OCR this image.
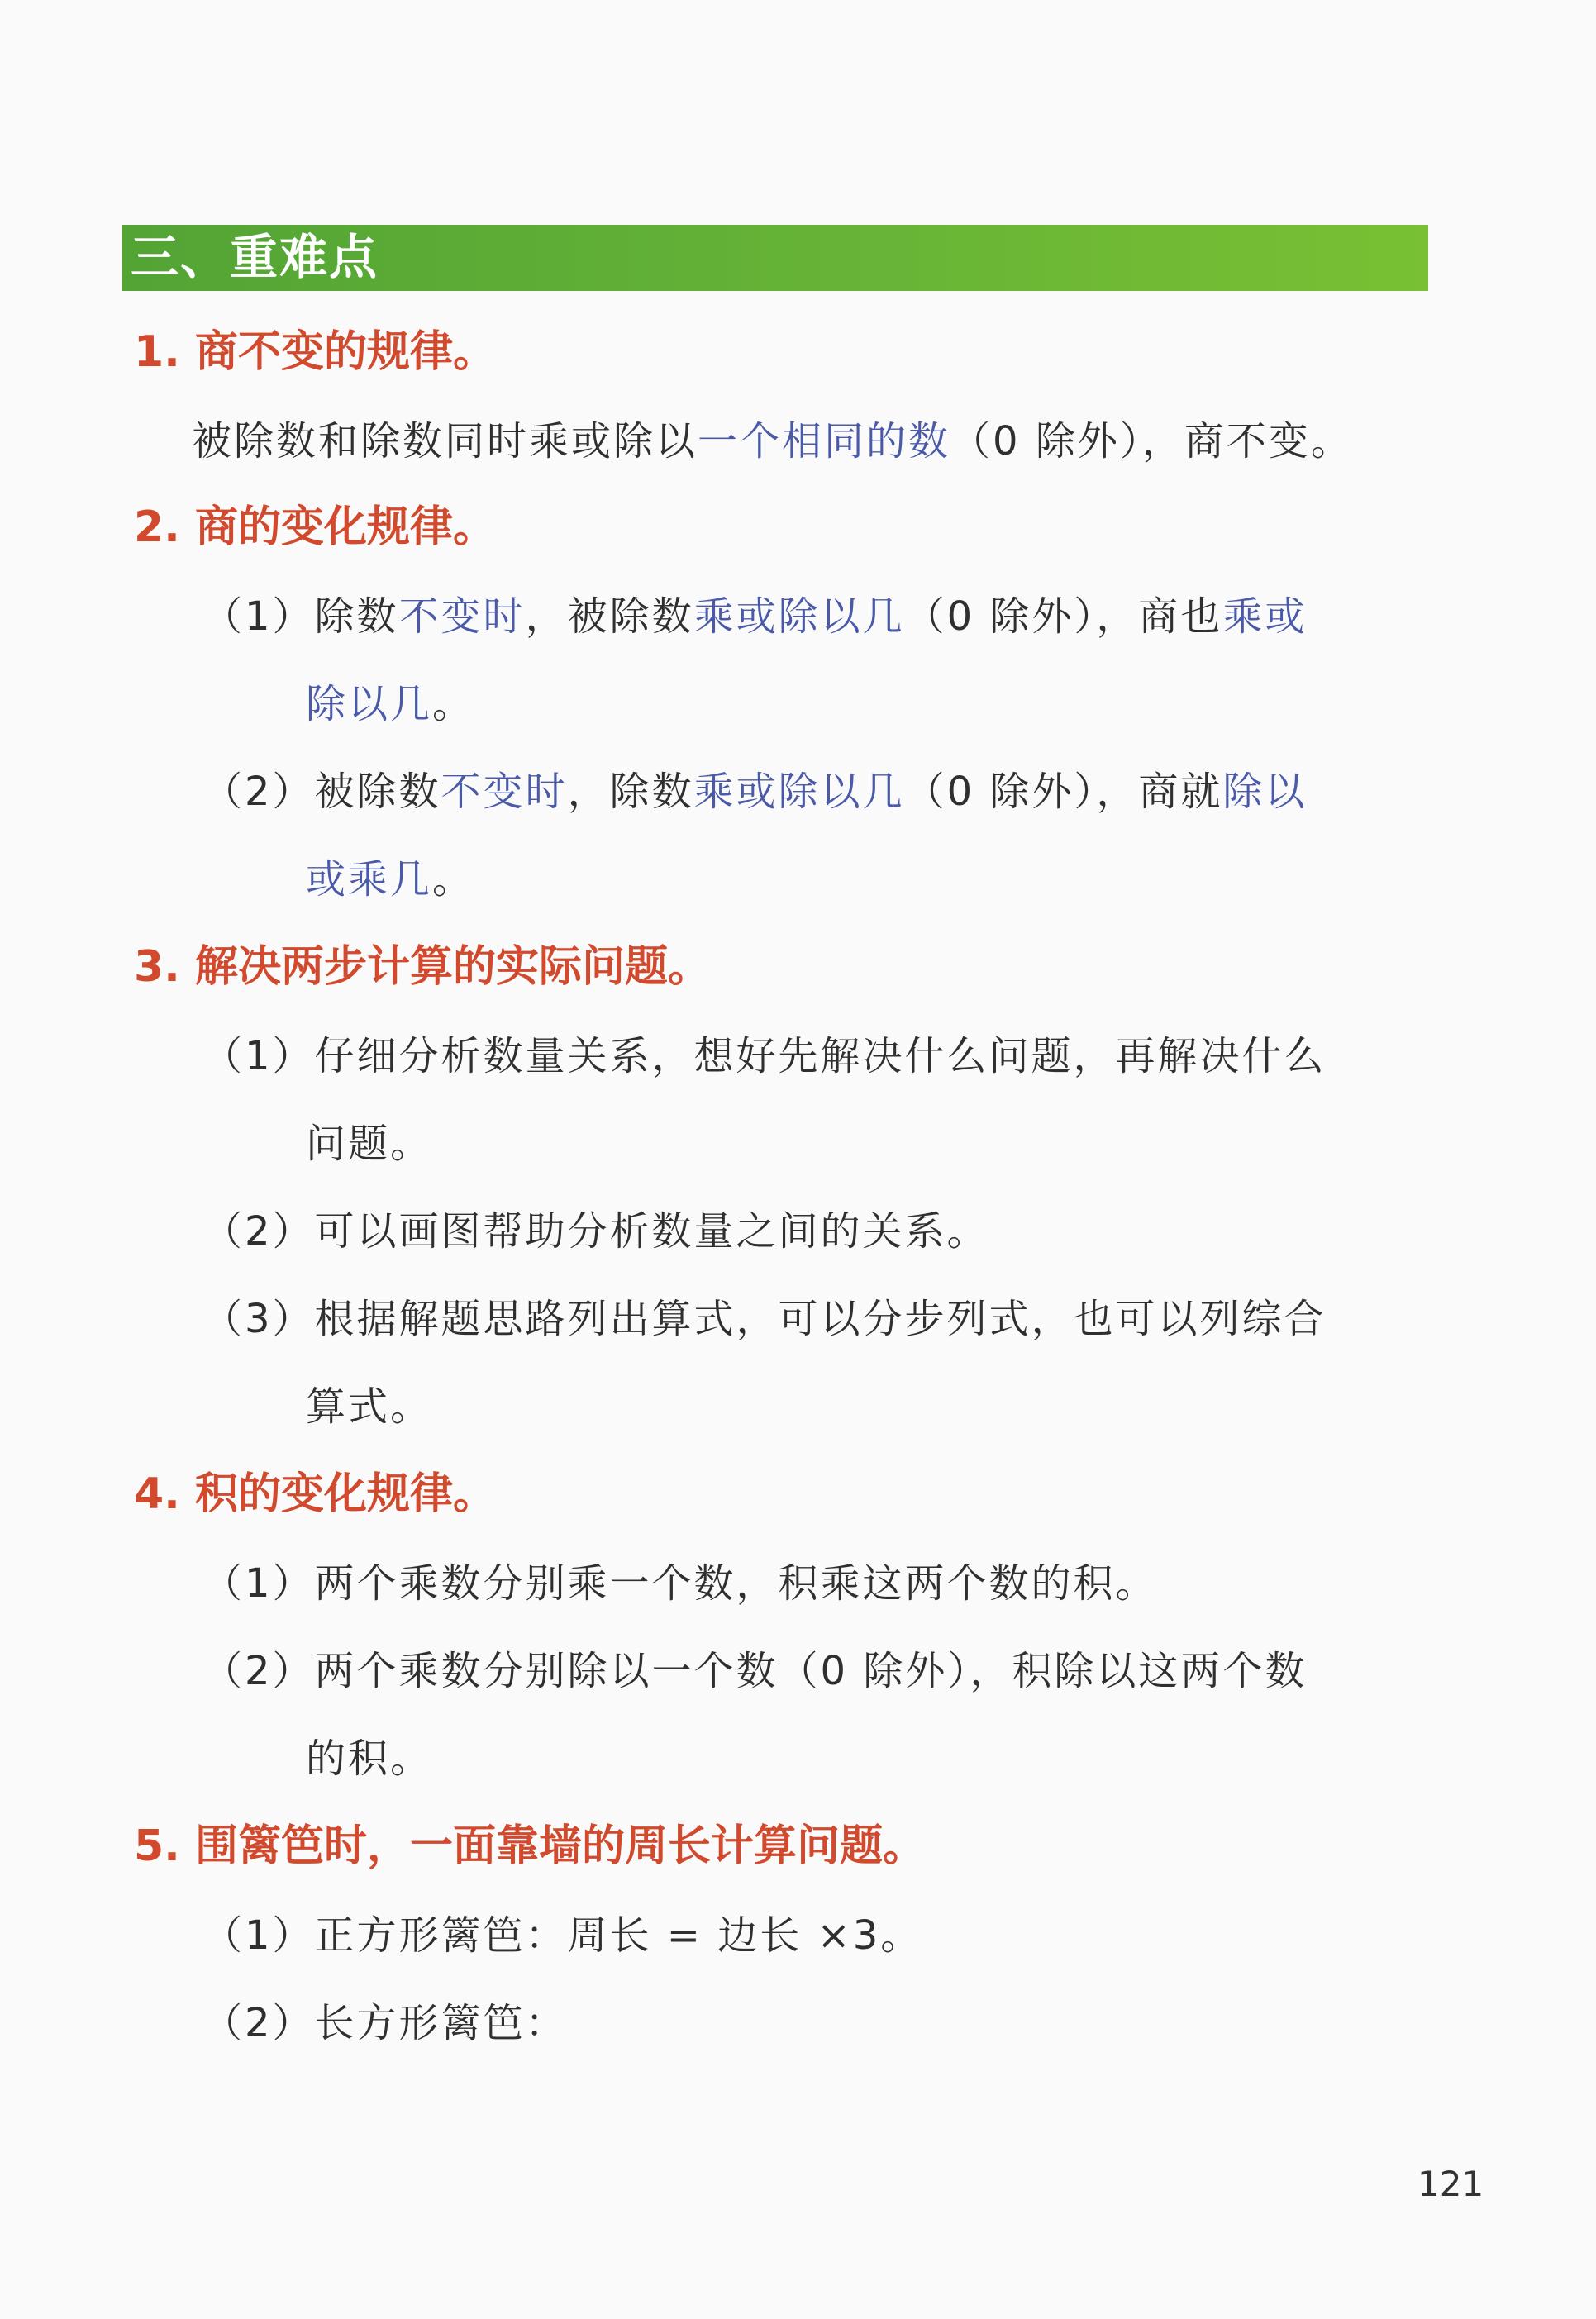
三、重难点
1. 商不变的规律。
被除数和除数同时乘或除以一个相同的数（0 除外），商不变。
2. 商的变化规律。
（1）除数不变时，被除数乘或除以几（0 除外），商也乘或
除以几。
（2）被除数不变时，除数乘或除以几（0 除外），商就除以
或乘几。
3. 解决两步计算的实际问题。
（1）仔细分析数量关系，想好先解决什么问题，再解决什么
问题。
（2）可以画图帮助分析数量之间的关系。
（3）根据解题思路列出算式，可以分步列式，也可以列综合
算式。
4. 积的变化规律。
（1）两个乘数分别乘一个数，积乘这两个数的积。
（2）两个乘数分别除以一个数（0 除外），积除以这两个数
的积。
5. 围篱笆时，一面靠墙的周长计算问题。
（1）正方形篱笆：周长 = 边长 ×3。
（2）长方形篱笆：
121
